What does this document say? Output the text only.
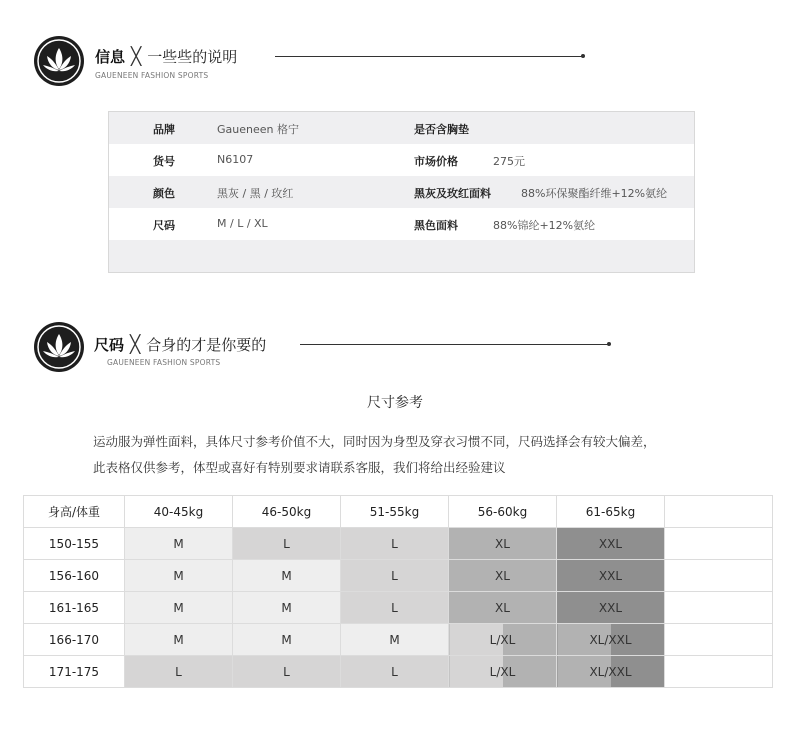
信息 ╳ 一些些的说明
GAUENEEN FASHION SPORTS
品牌	Gaueneen 格宁	是否含胸垫
货号	N6107	市场价格	275元
颜色	黑灰 / 黑 / 玫红	黑灰及玫红面料	88%环保聚酯纤维+12%氨纶
尺码	M / L / XL	黑色面料	88%锦纶+12%氨纶
尺码 ╳ 合身的才是你要的
GAUENEEN FASHION SPORTS
尺寸参考
运动服为弹性面料，具体尺寸参考价值不大，同时因为身型及穿衣习惯不同，尺码选择会有较大偏差，
此表格仅供参考，体型或喜好有特别要求请联系客服，我们将给出经验建议
身高/体重	40-45kg	46-50kg	51-55kg	56-60kg	61-65kg	
150-155	M	L	L	XL	XXL	
156-160	M	M	L	XL	XXL	
161-165	M	M	L	XL	XXL	
166-170	M	M	M	L/XL	XL/XXL	
171-175	L	L	L	L/XL	XL/XXL	
